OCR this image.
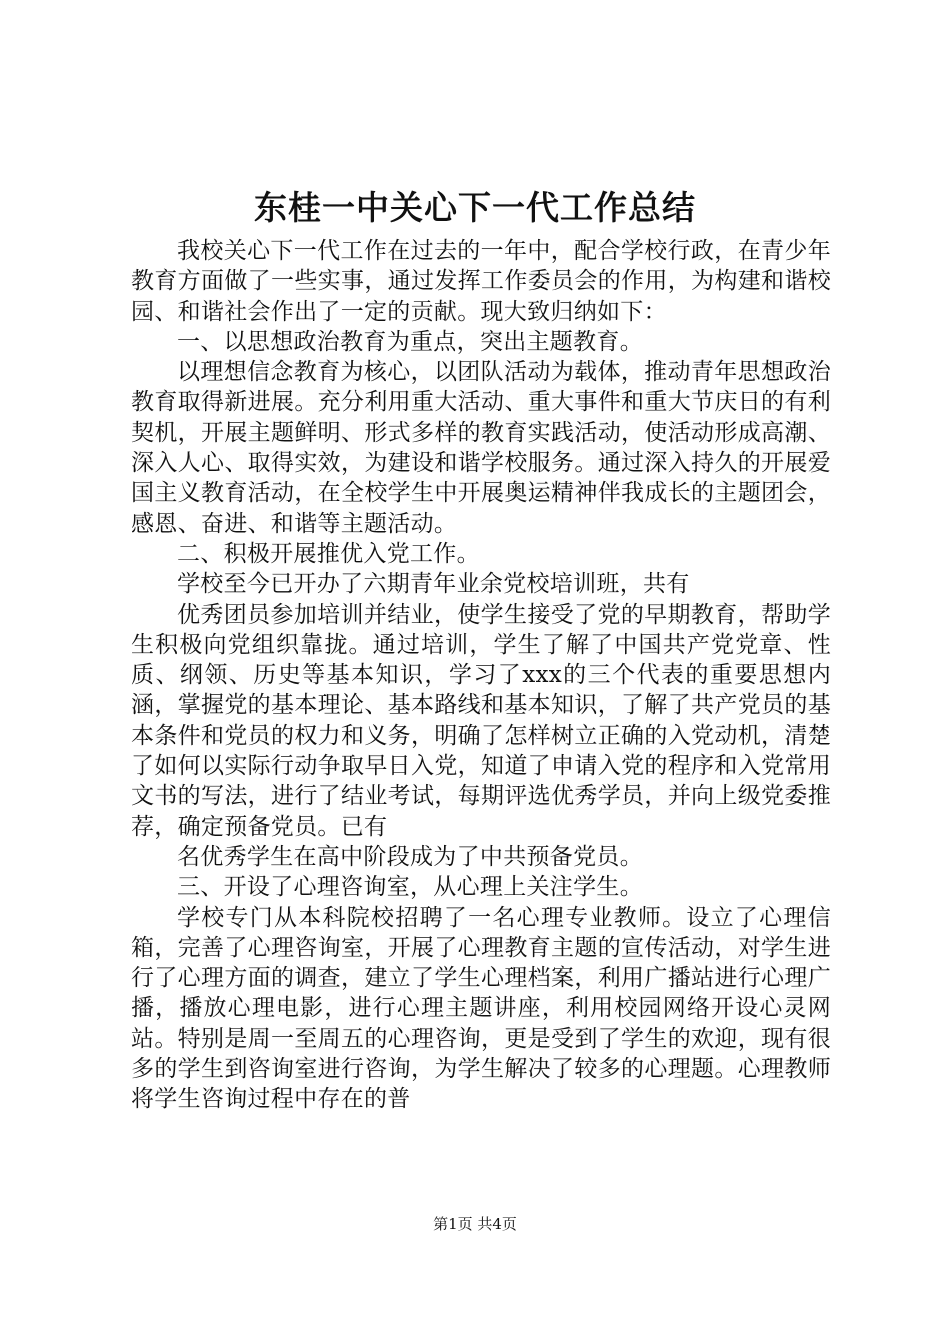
东桂一中关心下一代工作总结

我校关心下一代工作在过去的一年中，配合学校行政，在青少年教育方面做了一些实事，通过发挥工作委员会的作用，为构建和谐校园、和谐社会作出了一定的贡献。现大致归纳如下：

一、以思想政治教育为重点，突出主题教育。

以理想信念教育为核心，以团队活动为载体，推动青年思想政治教育取得新进展。充分利用重大活动、重大事件和重大节庆日的有利契机，开展主题鲜明、形式多样的教育实践活动，使活动形成高潮、深入人心、取得实效，为建设和谐学校服务。通过深入持久的开展爱国主义教育活动，在全校学生中开展奥运精神伴我成长的主题团会，感恩、奋进、和谐等主题活动。

二、积极开展推优入党工作。

学校至今已开办了六期青年业余党校培训班，共有

优秀团员参加培训并结业，使学生接受了党的早期教育，帮助学生积极向党组织靠拢。通过培训，学生了解了中国共产党党章、性质、纲领、历史等基本知识，学习了xxx的三个代表的重要思想内涵，掌握党的基本理论、基本路线和基本知识，了解了共产党员的基本条件和党员的权力和义务，明确了怎样树立正确的入党动机，清楚了如何以实际行动争取早日入党，知道了申请入党的程序和入党常用文书的写法，进行了结业考试，每期评选优秀学员，并向上级党委推荐，确定预备党员。已有

名优秀学生在高中阶段成为了中共预备党员。

三、开设了心理咨询室，从心理上关注学生。

学校专门从本科院校招聘了一名心理专业教师。设立了心理信箱，完善了心理咨询室，开展了心理教育主题的宣传活动，对学生进行了心理方面的调查，建立了学生心理档案，利用广播站进行心理广播，播放心理电影，进行心理主题讲座，利用校园网络开设心灵网站。特别是周一至周五的心理咨询，更是受到了学生的欢迎，现有很多的学生到咨询室进行咨询，为学生解决了较多的心理题。心理教师将学生咨询过程中存在的普

第1页 共4页
